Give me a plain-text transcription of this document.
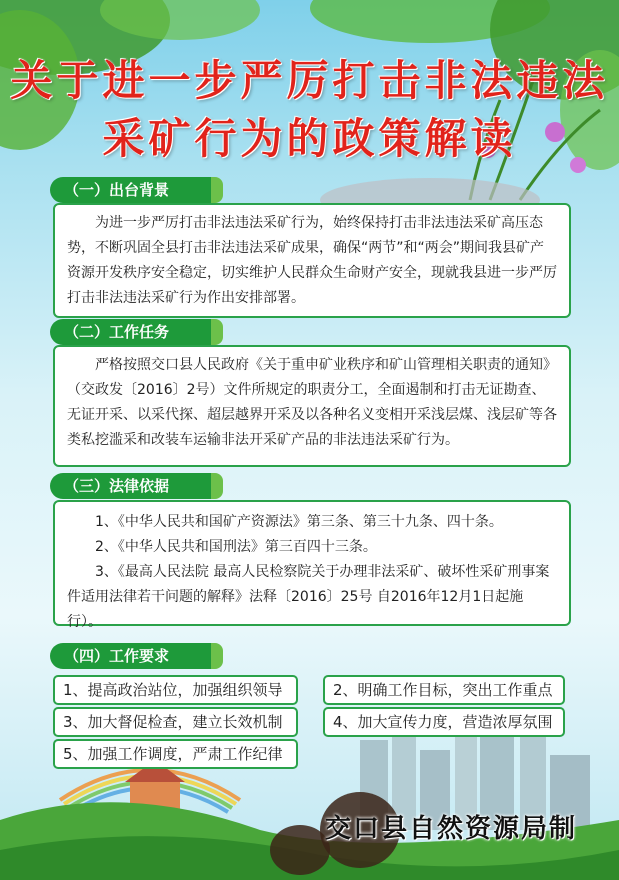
关于进一步严厉打击非法违法
采矿行为的政策解读
（一）出台背景

为进一步严厉打击非法违法采矿行为，始终保持打击非法违法采矿高压态势，不断巩固全县打击非法违法采矿成果，确保“两节”和“两会”期间我县矿产资源开发秩序安全稳定，切实维护人民群众生命财产安全，现就我县进一步严厉打击非法违法采矿行为作出安排部署。

（二）工作任务

严格按照交口县人民政府《关于重申矿业秩序和矿山管理相关职责的通知》（交政发〔2016〕2号）文件所规定的职责分工，全面遏制和打击无证勘查、无证开采、以采代探、超层越界开采及以各种名义变相开采浅层煤、浅层矿等各类私挖滥采和改装车运输非法开采矿产品的非法违法采矿行为。

（三）法律依据

1、《中华人民共和国矿产资源法》第三条、第三十九条、四十条。

2、《中华人民共和国刑法》第三百四十三条。

3、《最高人民法院 最高人民检察院关于办理非法采矿、破坏性采矿刑事案件适用法律若干问题的解释》法释〔2016〕25号 自2016年12月1日起施行）。

（四）工作要求
1、提高政治站位，加强组织领导	2、明确工作目标，突出工作重点
3、加大督促检查，建立长效机制	4、加大宣传力度，营造浓厚氛围
5、加强工作调度，严肃工作纪律
交口县自然资源局制
